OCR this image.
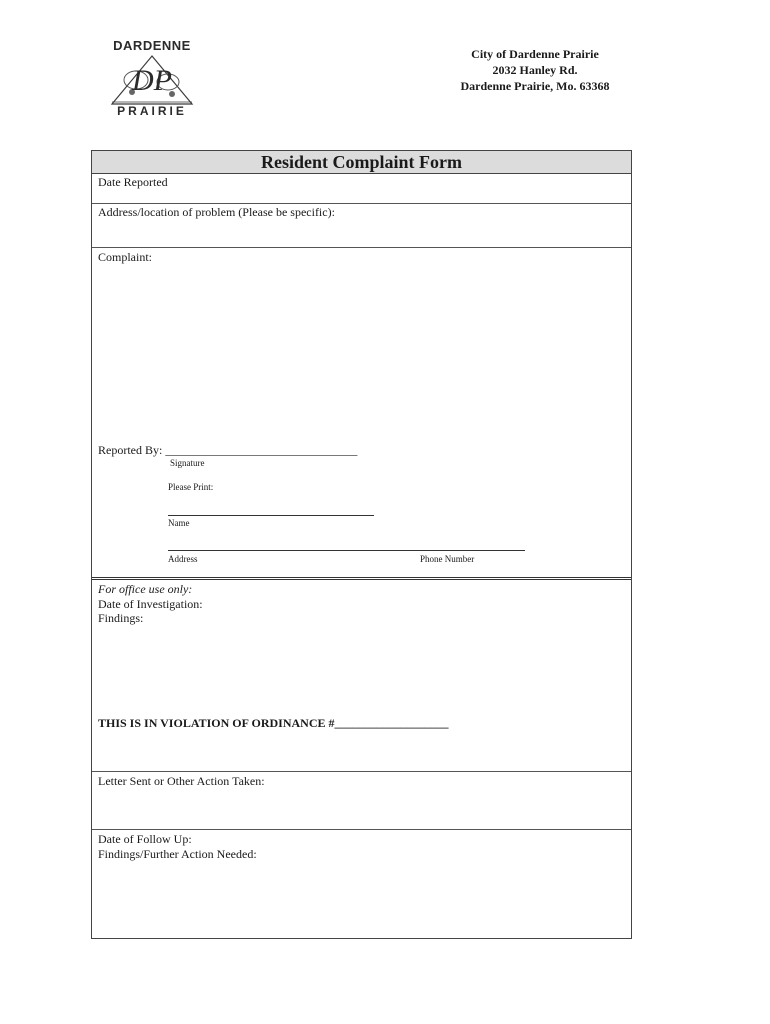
DARDENNE
DP
PRAIRIE
City of Dardenne Prairie
2032 Hanley Rd.
Dardenne Prairie, Mo. 63368
Resident Complaint Form
Date Reported
Address/location of problem (Please be specific):
Complaint:
Reported By: ________________________________
Signature
Please Print:
Name
Address	Phone Number
For office use only:
Date of Investigation:
Findings:
THIS IS IN VIOLATION OF ORDINANCE #___________________
Letter Sent or Other Action Taken:
Date of Follow Up:
Findings/Further Action Needed:
